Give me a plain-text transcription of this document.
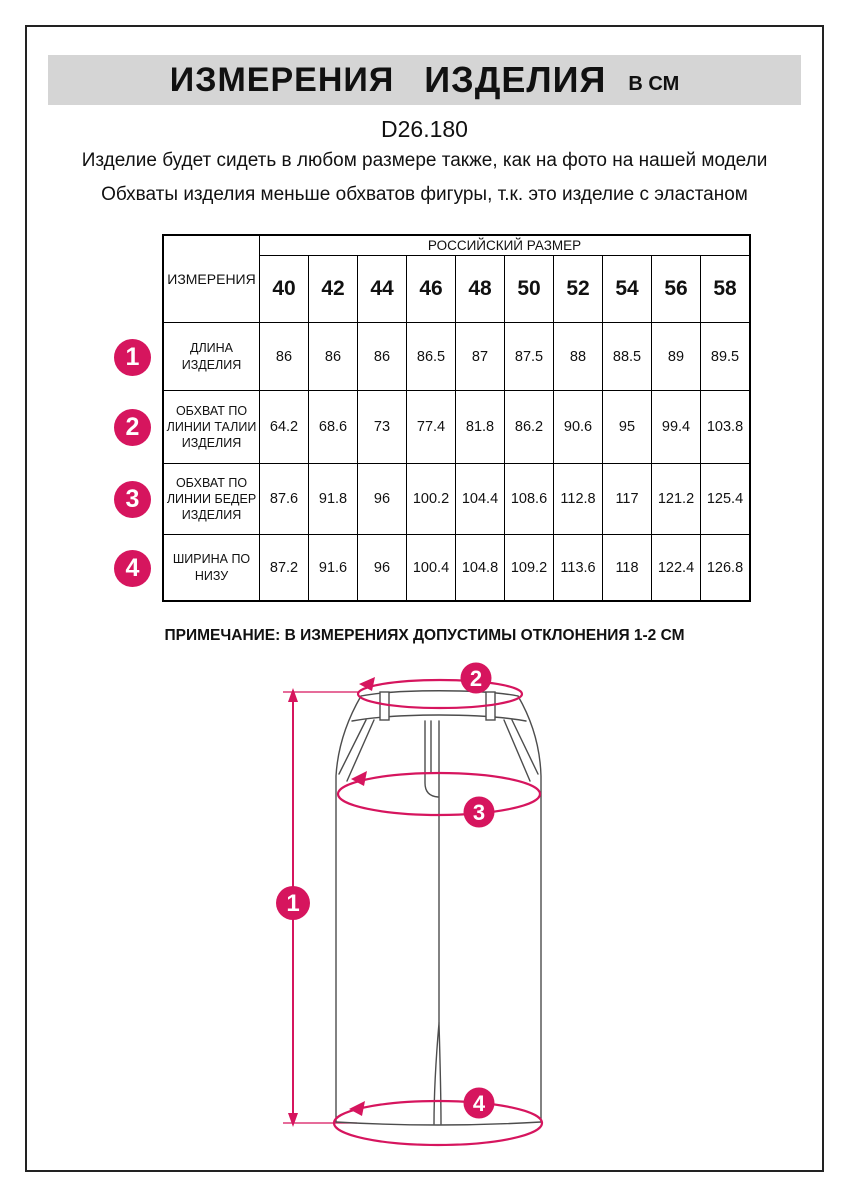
ИЗМЕРЕНИЯ ИЗДЕЛИЯ В СМ
D26.180
Изделие будет сидеть в любом размере также, как на фото на нашей модели
Обхваты изделия меньше обхватов фигуры, т.к. это изделие с эластаном
ИЗМЕРЕНИЯ	РОССИЙСКИЙ РАЗМЕР									
	40	42	44	46	48	50	52	54	56	58
ДЛИНА ИЗДЕЛИЯ	86	86	86	86.5	87	87.5	88	88.5	89	89.5
ОБХВАТ ПО ЛИНИИ ТАЛИИ ИЗДЕЛИЯ	64.2	68.6	73	77.4	81.8	86.2	90.6	95	99.4	103.8
ОБХВАТ ПО ЛИНИИ БЕДЕР ИЗДЕЛИЯ	87.6	91.8	96	100.2	104.4	108.6	112.8	117	121.2	125.4
ШИРИНА ПО НИЗУ	87.2	91.6	96	100.4	104.8	109.2	113.6	118	122.4	126.8
1
2
3
4
ПРИМЕЧАНИЕ: В ИЗМЕРЕНИЯХ ДОПУСТИМЫ ОТКЛОНЕНИЯ 1-2 СМ
1
2
3
4
